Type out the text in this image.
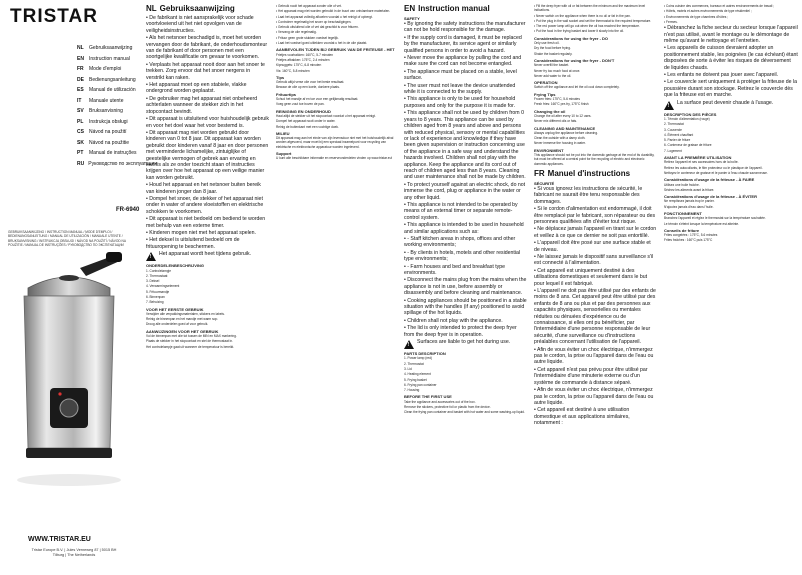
TRISTAR
NL Gebruiksaanwijzing
EN Instruction manual
FR Mode d'emploi
DE Bedienungsanleitung
ES Manual de utilización
IT	Manuale utente
SV Bruksanvisning
PL	Instrukcja obsługi
CS Návod na použití
SK Návod na použitie
PT	Manual de instruções
RU Руководство по эксплуатации
FR-6940
GEBRUIKSAANWIJZING / INSTRUCTION MANUAL / MODE D'EMPLOI / BEDIENUNGSANLEITUNG / MANUAL DE UTILIZACIÓN / MANUALE UTENTE / BRUKSANVISNING / INSTRUKCJA OBSŁUGI / NÁVOD NA POUŽITÍ / NÁVOD NA POUŽITIE / MANUAL DE INSTRUÇÕES / РУКОВОДСТВО ПО ЭКСПЛУАТАЦИИ
WWW.TRISTAR.EU
Tristar Europe B.V. | Jules Verneweg 87 | 5015 BH Tilburg | The Netherlands
NL Gebruiksaanwijzing
• De fabrikant is niet aansprakelijk voor schade voortvloeiend uit het niet opvolgen van de veiligheidsinstructies.
• Als het netsnoer beschadigd is, moet het worden vervangen door de fabrikant, de onderhoudsmonteur van de fabrikant of door personen met een soortgelijke kwalificatie om gevaar te voorkomen.
• Verplaats het apparaat nooit door aan het snoer te trekken. Zorg ervoor dat het snoer nergens in verstrikt kan raken.
• Het apparaat moet op een stabiele, vlakke ondergrond worden geplaatst.
• De gebruiker mag het apparaat niet onbeheerd achterlaten wanneer de stekker zich in het stopcontact bevindt.
• Dit apparaat is uitsluitend voor huishoudelijk gebruik en voor het doel waar het voor bestemd is.
• Dit apparaat mag niet worden gebruikt door kinderen van 0 tot 8 jaar. Dit apparaat kan worden gebruikt door kinderen vanaf 8 jaar en door personen met verminderde lichamelijke, zintuiglijke of geestelijke vermogen of gebrek aan ervaring en kennis als ze onder toezicht staan of instructies krijgen over hoe het apparaat op een veilige manier kan worden gebruikt.
• Houd het apparaat en het netsnoer buiten bereik van kinderen jonger dan 8 jaar.
• Dompel het snoer, de stekker of het apparaat niet onder in water of andere vloeistoffen en elektrische schokken te voorkomen.
• Dit apparaat is niet bedoeld om bediend te worden met behulp van een externe timer.
• Kinderen mogen niet met het apparaat spelen.
• Het deksel is uitsluitend bedoeld om de frituuropening te beschermen.
!
Het apparaat wordt heet tijdens gebruik.
ONDERDELENBESCHRIJVING
1. Controlelampje
2. Thermostaat
3. Deksel
4. Verwarmingselement
5. Frituurmandje
6. Binnenpan
7. Behuizing
VOOR HET EERSTE GEBRUIK
Verwijder alle verpakkingsmaterialen, stickers en labels.
Reinig de binnenpan en het mandje met warm sop.
Droog alle onderdelen goed af voor gebruik.
AANWIJZINGEN VOOR HET GEBRUIK
Vul de binnenpan met olie tot tussen de MIN en MAX markering.
Plaats de stekker in het stopcontact en stel de thermostaat in.
Het controlelampje gaat uit wanneer de temperatuur is bereikt.
• Gebruik nooit het apparaat zonder olie of vet.
• Het apparaat mag niet worden gebruikt in de buurt van ontvlambare materialen.
• Laat het apparaat volledig afkoelen voordat u het reinigt of opbergt.
• Controleer regelmatig het snoer op beschadigingen.
• Gebruik uitsluitend olie of vet dat geschikt is voor frituren.
• Vervang de olie regelmatig.
• Frituur geen grote stukken voedsel tegelijk.
• Laat het voedsel goed uitlekken voordat u het in de olie plaatst.
AANBEVOLEN TIJDEN BIJ GEBRUIK VAN DE FRITEUSE - HET
Frietjes voorbakken: 160°C, 5-7 minuten
Frietjes afbakken: 175°C, 2-4 minuten
Kipnuggets: 175°C, 6-8 minuten
Vis: 160°C, 5-8 minuten
Tips
Gebruik altijd verse olie voor het beste resultaat.
Bewaar de olie op een koele, donkere plaats.
Frituurtips
Schud het mandje af en toe voor een gelijkmatig resultaat.
Voeg geen zout toe boven de pan.
REINIGING EN ONDERHOUD
Haal altijd de stekker uit het stopcontact voordat u het apparaat reinigt.
Dompel het apparaat nooit onder in water.
Reinig de buitenkant met een vochtige doek.
MILIEU
Dit apparaat mag aan het einde van zijn levensduur niet met het huishoudelijk afval worden afgevoerd, maar moet bij een speciaal inzamelpunt voor recycling van elektrische en elektronische apparatuur worden ingeleverd.
Support
U kunt alle beschikbare informatie en reserveonderdelen vinden op www.tristar.eu!
EN Instruction manual
SAFETY
• By ignoring the safety instructions the manufacturer can not be hold responsible for the damage.
• If the supply cord is damaged, it must be replaced by the manufacturer, its service agent or similarly qualified persons in order to avoid a hazard.
• Never move the appliance by pulling the cord and make sure the cord can not become entangled.
• The appliance must be placed on a stable, level surface.
• The user must not leave the device unattended while it is connected to the supply.
• This appliance is only to be used for household purposes and only for the purpose it is made for.
• This appliance shall not be used by children from 0 years to 8 years. This appliance can be used by children aged from 8 years and above and persons with reduced physical, sensory or mental capabilities or lack of experience and knowledge if they have been given supervision or instruction concerning use of the appliance in a safe way and understand the hazards involved. Children shall not play with the appliance. Keep the appliance and its cord out of reach of children aged less than 8 years. Cleaning and user maintenance shall not be made by children.
• To protect yourself against an electric shock, do not immerse the cord, plug or appliance in the water or any other liquid.
• This appliance is not intended to be operated by means of an external timer or separate remote-control system.
• This appliance is intended to be used in household and similar applications such as:
• - Staff kitchen areas in shops, offices and other working environments;
• - By clients in hotels, motels and other residential type environments;
• - Farm houses and bed and breakfast type environments.
• Disconnect the mains plug from the mains when the appliance is not in use, before assembly or disassembly and before cleaning and maintenance.
• Cooking appliances should be positioned in a stable situation with the handles (if any) positioned to avoid spillage of the hot liquids.
• Children shall not play with the appliance.
• The lid is only intended to protect the deep fryer from the deep fryer is in operation.
!
Surfaces are liable to get hot during use.
PARTS DESCRIPTION
1. Power lamp (red)
2. Thermostat
3. Lid
4. Heating element
5. Frying basket
6. Frying pan container
7. Housing
BEFORE THE FIRST USE
Take the appliance and accessories out of the box.
Remove the stickers, protective foil or plastic from the device.
Clean the frying pan container and basket with hot water and some washing-up liquid.
• Fill the deep fryer with oil or fat between the minimum and the maximum level indications.
• Never switch on the appliance when there is no oil or fat in the pan.
• Put the plug in the wall socket and set the thermostat to the required temperature.
• The red power lamp will go out when the oil has reached the temperature.
• Put the food in the frying basket and lower it slowly into the oil.
Considerations for using the fryer - DO
Only use fresh oil.
Dry the food before frying.
Shake the basket regularly.
Considerations for using the fryer - DON'T
Never overfill the basket.
Never fry too much food at once.
Never add water to the oil.
OPERATION
Switch off the appliance and let the oil cool down completely.
Frying Tips
Frozen fries: 175°C, 5-6 minutes
Fresh fries: 160°C pre-fry, 175°C finish
Changing the oil
Change the oil after every 10 to 12 uses.
Never mix different oils or fats.
CLEANING AND MAINTENANCE
Always unplug the appliance before cleaning.
Clean the outside with a damp cloth.
Never immerse the housing in water.
ENVIRONMENT
This appliance should not be put into the domestic garbage at the end of its durability, but must be offered at a central point for the recycling of electric and electronic domestic appliances.
FR Manuel d'instructions
SÉCURITÉ
• Si vous ignorez les instructions de sécurité, le fabricant ne saurait être tenu responsable des dommages.
• Si le cordon d'alimentation est endommagé, il doit être remplacé par le fabricant, son réparateur ou des personnes qualifiées afin d'éviter tout risque.
• Ne déplacez jamais l'appareil en tirant sur le cordon et veillez à ce que ce dernier ne soit pas entortillé.
• L'appareil doit être posé sur une surface stable et de niveau.
• Ne laissez jamais le dispositif sans surveillance s'il est connecté à l'alimentation.
• Cet appareil est uniquement destiné à des utilisations domestiques et seulement dans le but pour lequel il est fabriqué.
• L'appareil ne doit pas être utilisé par des enfants de moins de 8 ans. Cet appareil peut être utilisé par des enfants de 8 ans ou plus et par des personnes aux capacités physiques, sensorielles ou mentales réduites ou dénuées d'expérience ou de connaissance, si elles ont pu bénéficier, par l'intermédiaire d'une personne responsable de leur sécurité, d'une surveillance ou d'instructions préalables concernant l'utilisation de l'appareil.
• Afin de vous éviter un choc électrique, n'immergez pas le cordon, la prise ou l'appareil dans de l'eau ou autre liquide.
• Cet appareil n'est pas prévu pour être utilisé par l'intermédiaire d'une minuterie externe ou d'un système de commande à distance séparé.
• Afin de vous éviter un choc électrique, n'immergez pas le cordon, la prise ou l'appareil dans de l'eau ou autre liquide.
• Cet appareil est destiné à une utilisation domestique et aux applications similaires, notamment :
• Coins cuisine des commerces, bureaux et autres environnements de travail ;
• Hôtels, motels et autres environnements de type résidentiel ;
• Environnements de type chambres d'hôtes ;
• Fermes.
• Débranchez la fiche secteur du secteur lorsque l'appareil n'est pas utilisé, avant le montage ou le démontage de même qu'avant le nettoyage et l'entretien.
• Les appareils de cuisson devraient adopter un positionnement stable, les poignées (le cas échéant) étant disposées de sorte à éviter les risques de déversement de liquides chauds.
• Les enfants ne doivent pas jouer avec l'appareil.
• Le couvercle sert uniquement à protéger la friteuse de la poussière durant son stockage. Retirez le couvercle dès que la friteuse est en marche.
!
La surface peut devenir chaude à l'usage.
DESCRIPTION DES PIÈCES
1. Témoin d'alimentation (rouge)
2. Thermostat
3. Couvercle
4. Élément chauffant
5. Panier de friture
6. Conteneur de graisse de friture
7. Logement
AVANT LA PREMIÈRE UTILISATION
Retirez l'appareil et ses accessoires hors de la boîte.
Retirez les autocollants, le film protecteur ou le plastique de l'appareil.
Nettoyez le conteneur de graisse et le panier à l'eau chaude savonneuse.
Considérations d'usage de la friteuse - À FAIRE
Utilisez une huile fraîche.
Séchez les aliments avant la friture.
Considérations d'usage de la friteuse - À ÉVITER
Ne remplissez jamais trop le panier.
N'ajoutez jamais d'eau dans l'huile.
FONCTIONNEMENT
Branchez l'appareil et réglez le thermostat sur la température souhaitée.
Le témoin s'éteint lorsque la température est atteinte.
Conseils de friture
Frites congelées : 175°C, 5-6 minutes
Frites fraîches : 160°C puis 175°C
